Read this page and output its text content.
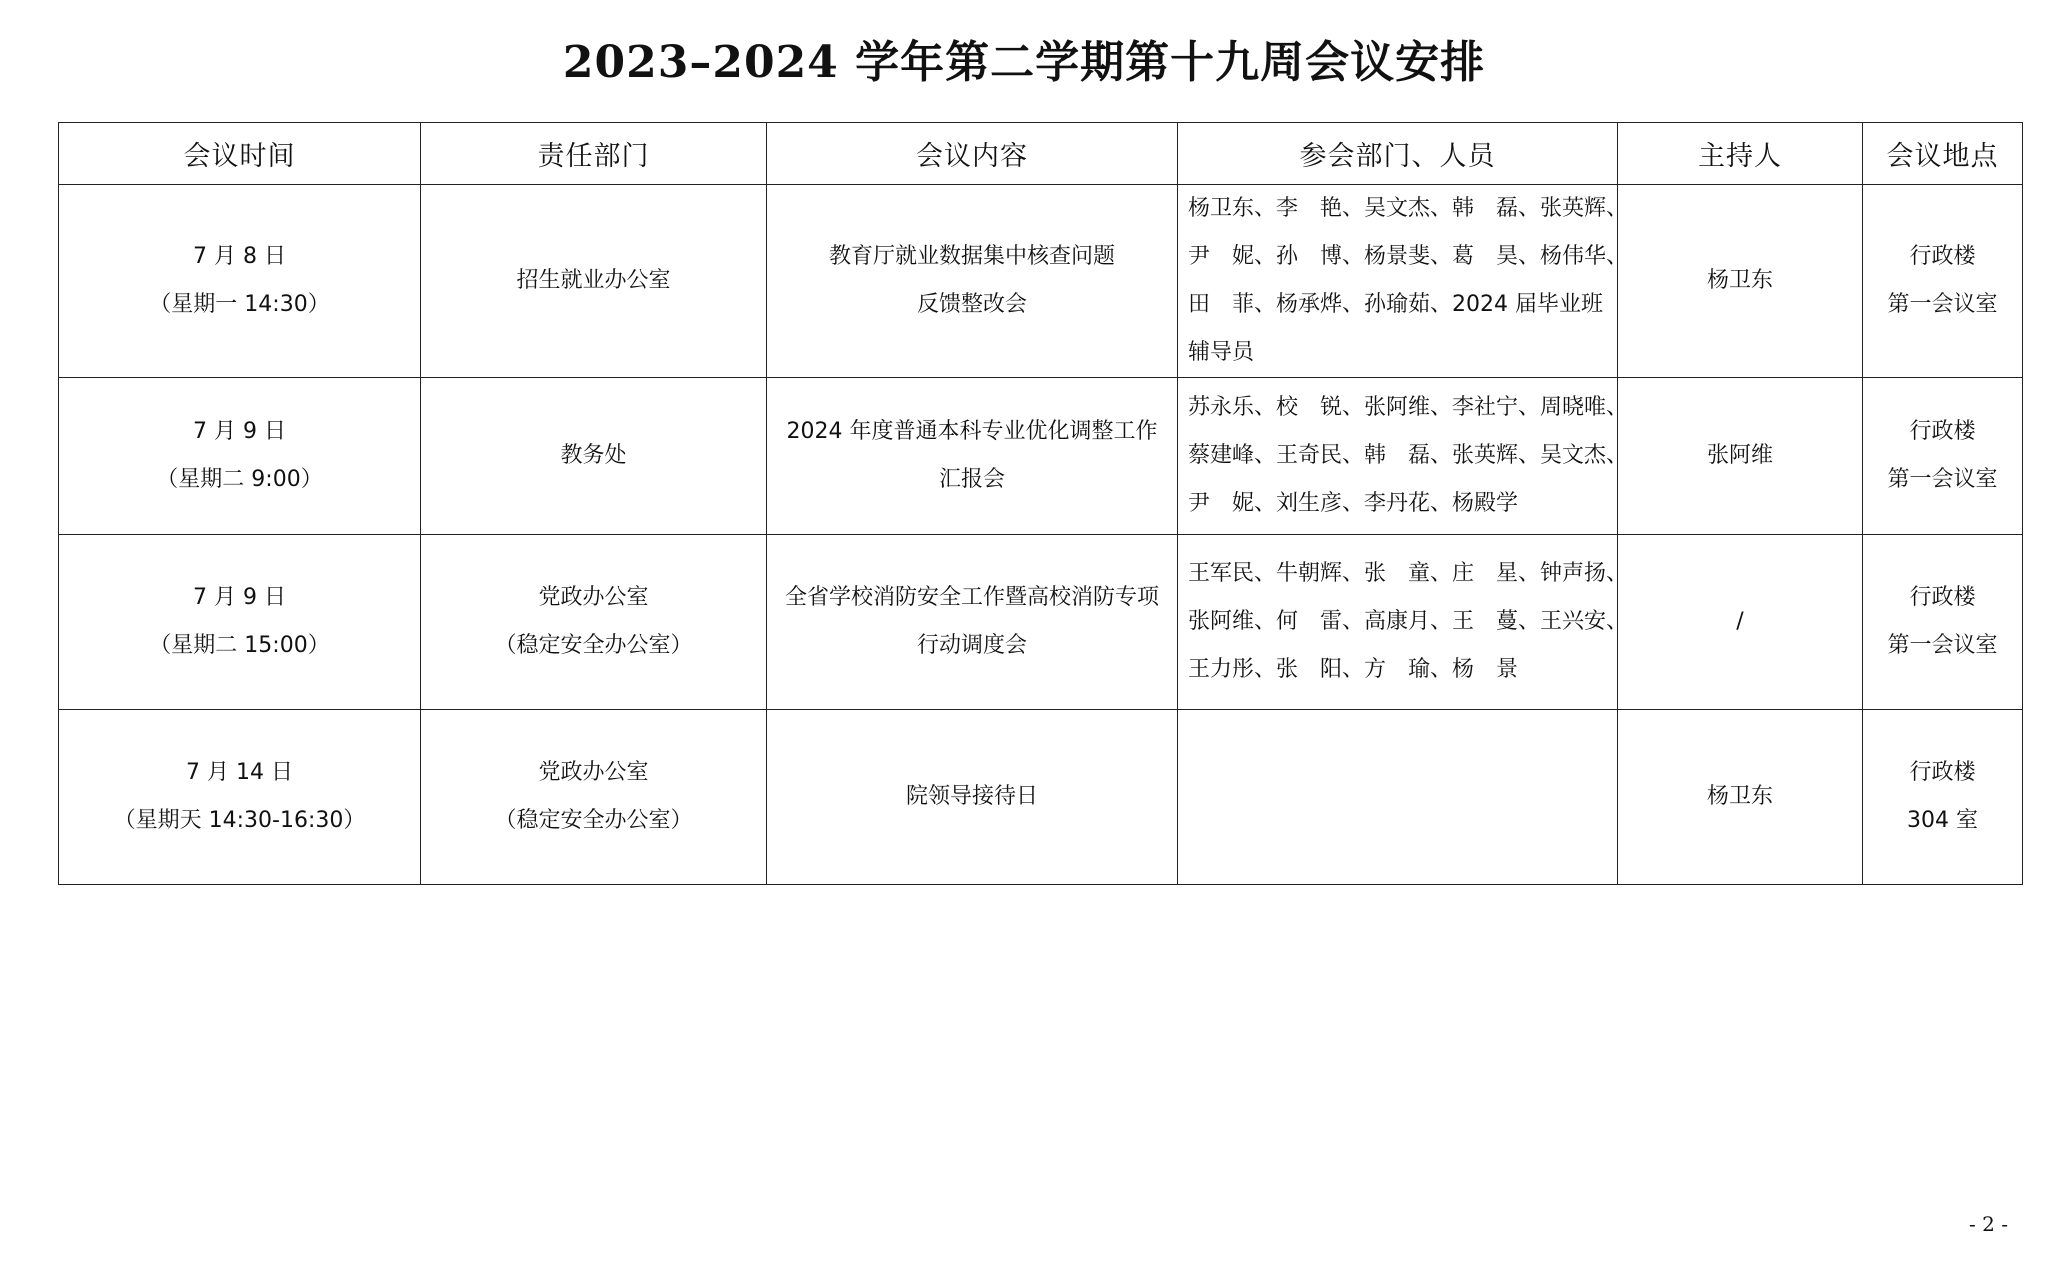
2023–2024 学年第二学期第十九周会议安排
会议时间	责任部门	会议内容	参会部门、人员	主持人	会议地点

7 月 8 日
（星期一 14:30）	招生就业办公室	教育厅就业数据集中核查问题
反馈整改会	杨卫东、李　艳、吴文杰、韩　磊、张英辉、
尹　妮、孙　博、杨景斐、葛　昊、杨伟华、
田　菲、杨承烨、孙瑜茹、2024 届毕业班
辅导员	杨卫东	行政楼
第一会议室

7 月 9 日
（星期二 9:00）	教务处	2024 年度普通本科专业优化调整工作
汇报会	苏永乐、校　锐、张阿维、李社宁、周晓唯、
蔡建峰、王奇民、韩　磊、张英辉、吴文杰、
尹　妮、刘生彦、李丹花、杨殿学	张阿维	行政楼
第一会议室

7 月 9 日
（星期二 15:00）	党政办公室
（稳定安全办公室）	全省学校消防安全工作暨高校消防专项
行动调度会	王军民、牛朝辉、张　童、庄　星、钟声扬、
张阿维、何　雷、高康月、王　蔓、王兴安、
王力彤、张　阳、方　瑜、杨　景	/	行政楼
第一会议室

7 月 14 日
（星期天 14:30-16:30）	党政办公室
（稳定安全办公室）	院领导接待日		杨卫东	行政楼
304 室
- 2 -
